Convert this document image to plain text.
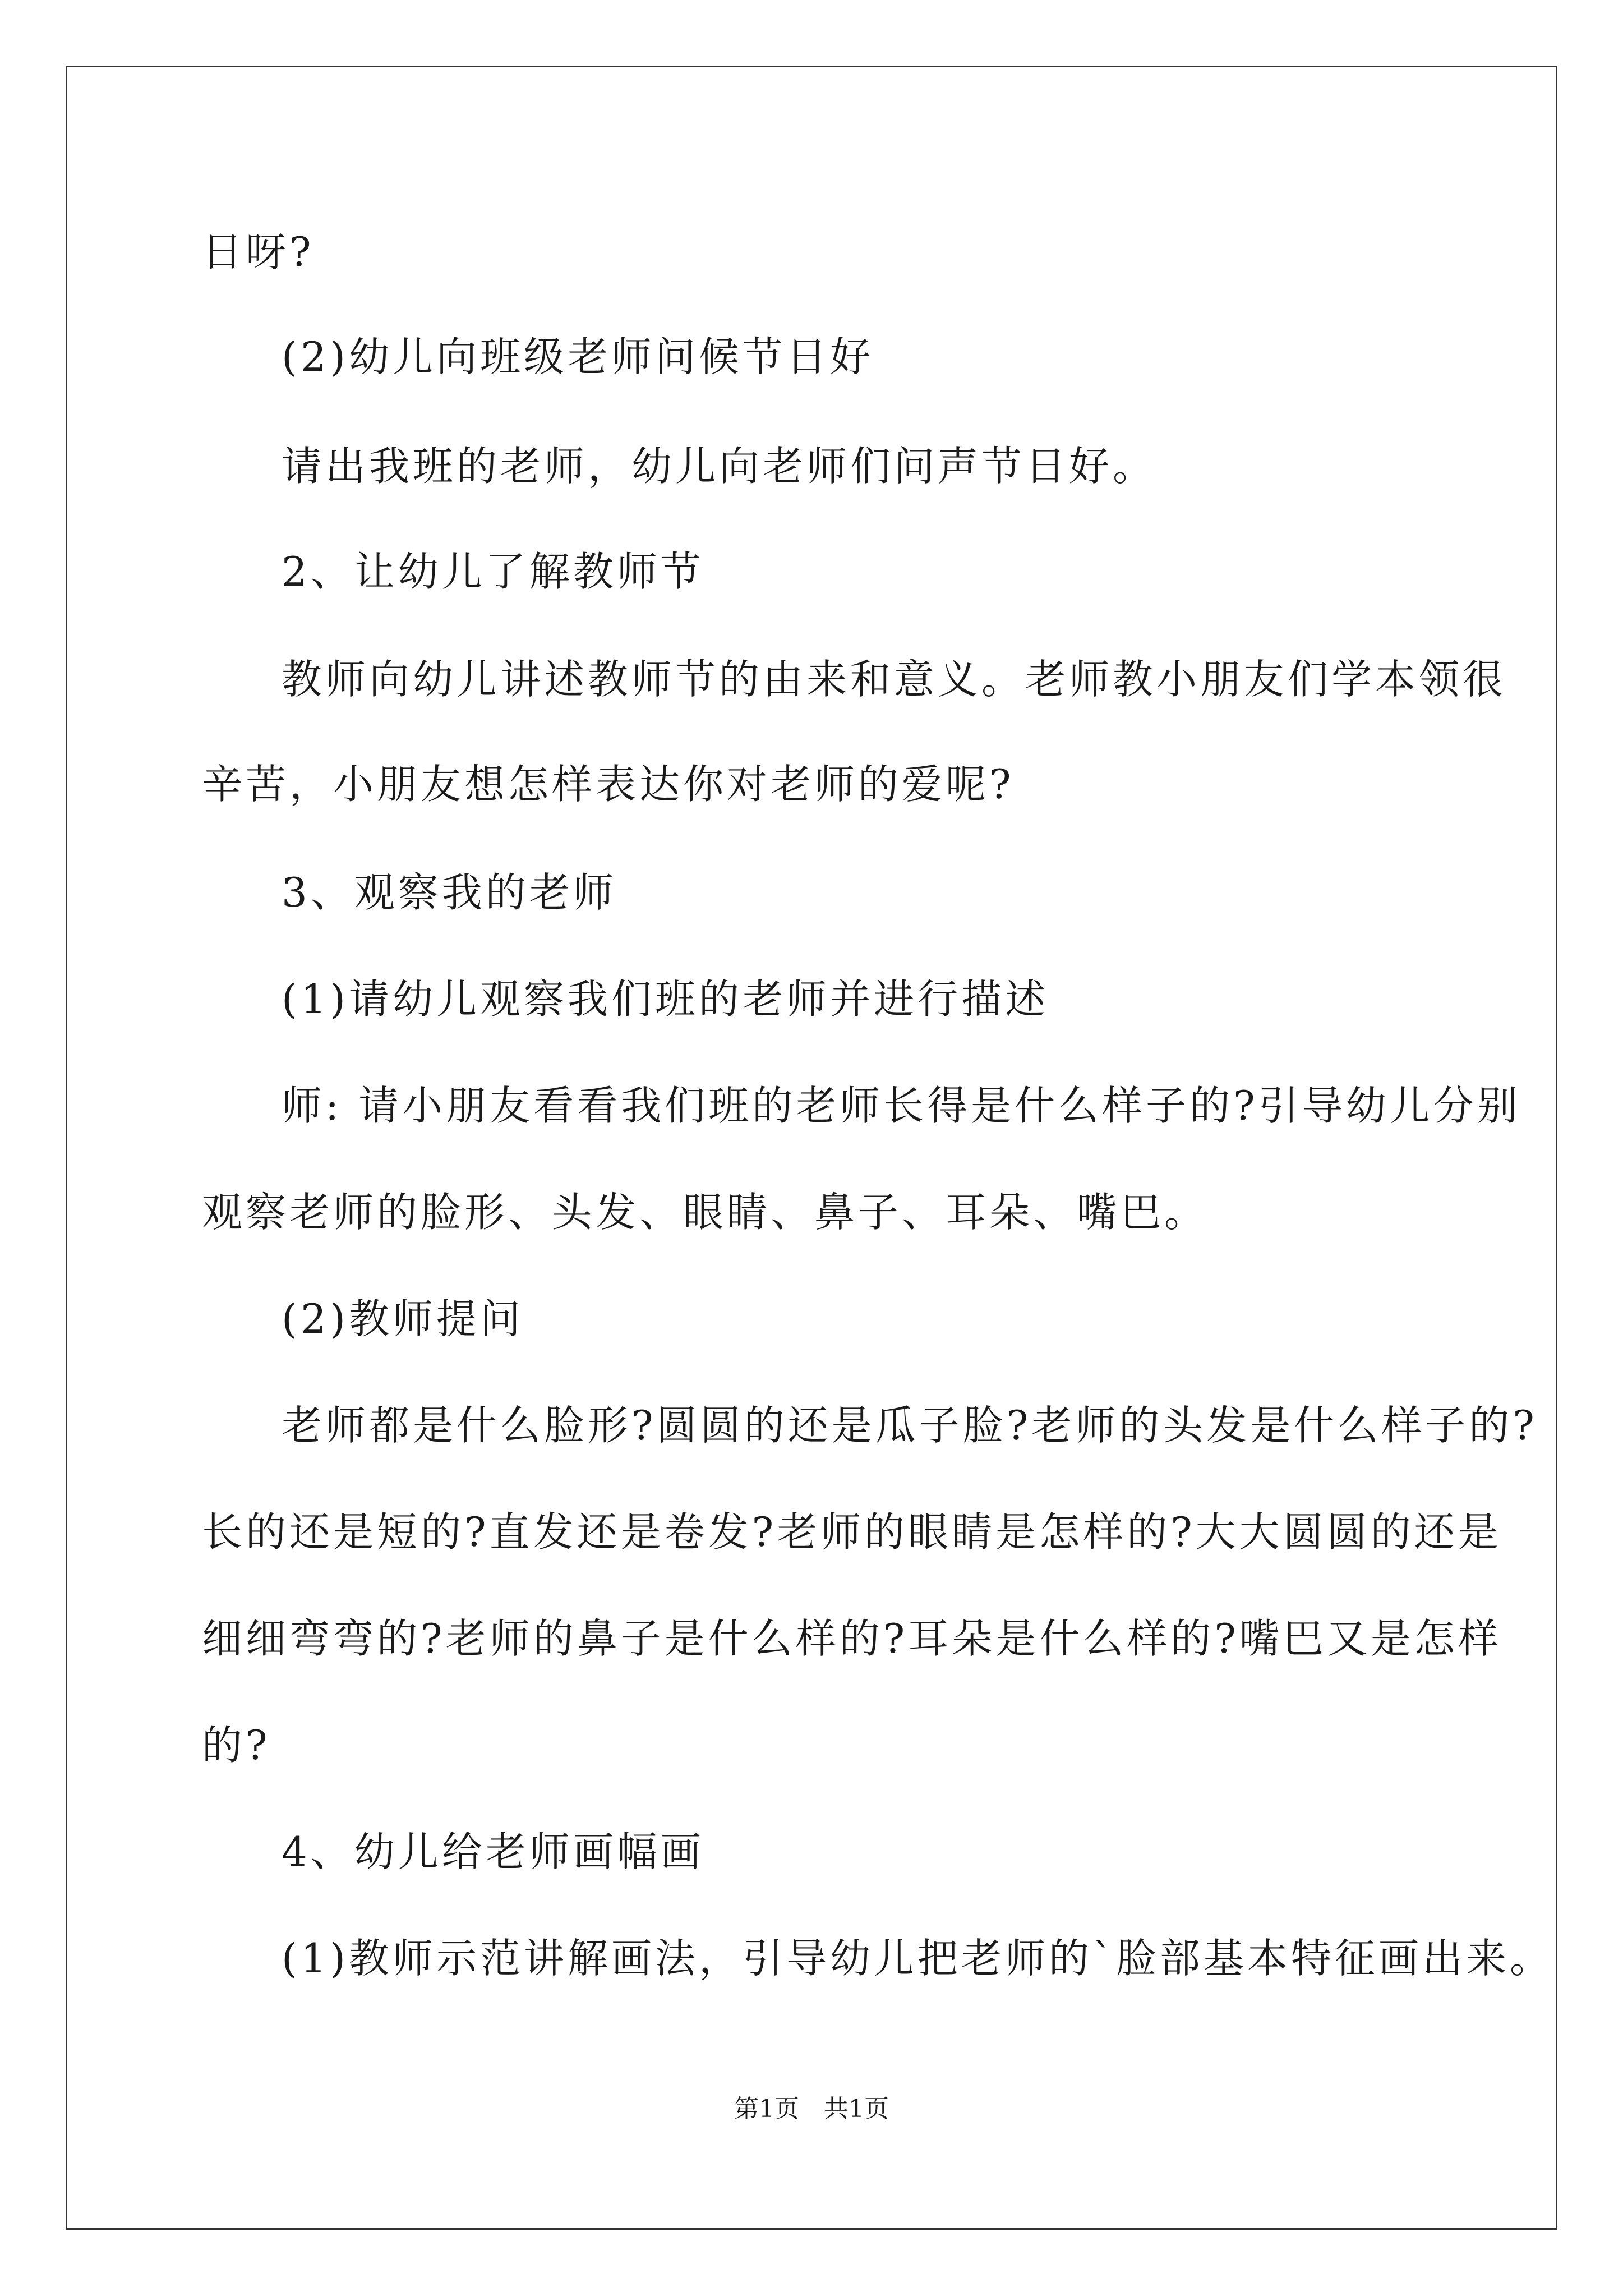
日呀?
(2)幼儿向班级老师问候节日好
请出我班的老师，幼儿向老师们问声节日好。
2、让幼儿了解教师节
教师向幼儿讲述教师节的由来和意义。老师教小朋友们学本领很
辛苦，小朋友想怎样表达你对老师的爱呢?
3、观察我的老师
(1)请幼儿观察我们班的老师并进行描述
师: 请小朋友看看我们班的老师长得是什么样子的?引导幼儿分别
观察老师的脸形、头发、眼睛、鼻子、耳朵、嘴巴。
(2)教师提问
老师都是什么脸形?圆圆的还是瓜子脸?老师的头发是什么样子的?
长的还是短的?直发还是卷发?老师的眼睛是怎样的?大大圆圆的还是
细细弯弯的?老师的鼻子是什么样的?耳朵是什么样的?嘴巴又是怎样
的?
4、幼儿给老师画幅画
(1)教师示范讲解画法，引导幼儿把老师的`脸部基本特征画出来。
第1页　共1页
